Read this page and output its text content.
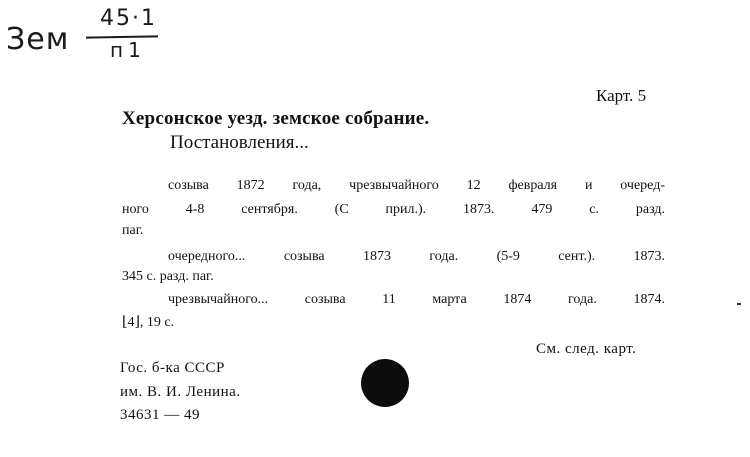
Зем
45·1
п1
Карт. 5
Херсонское уезд. земское собрание.
Постановления...
созыва 1872 года, чрезвычайного 12 февраля и очеред-
ного 4-8 сентября. (С прил.). 1873. 479 с. разд.
паг.
очередного... созыва 1873 года. (5-9 сент.). 1873.
345 с. разд. паг.
чрезвычайного... созыва 11 марта 1874 года. 1874.
⌊4⌋, 19 с.
См. след. карт.
Гос. б-ка СССР
им. В. И. Ленина.
34631 — 49
